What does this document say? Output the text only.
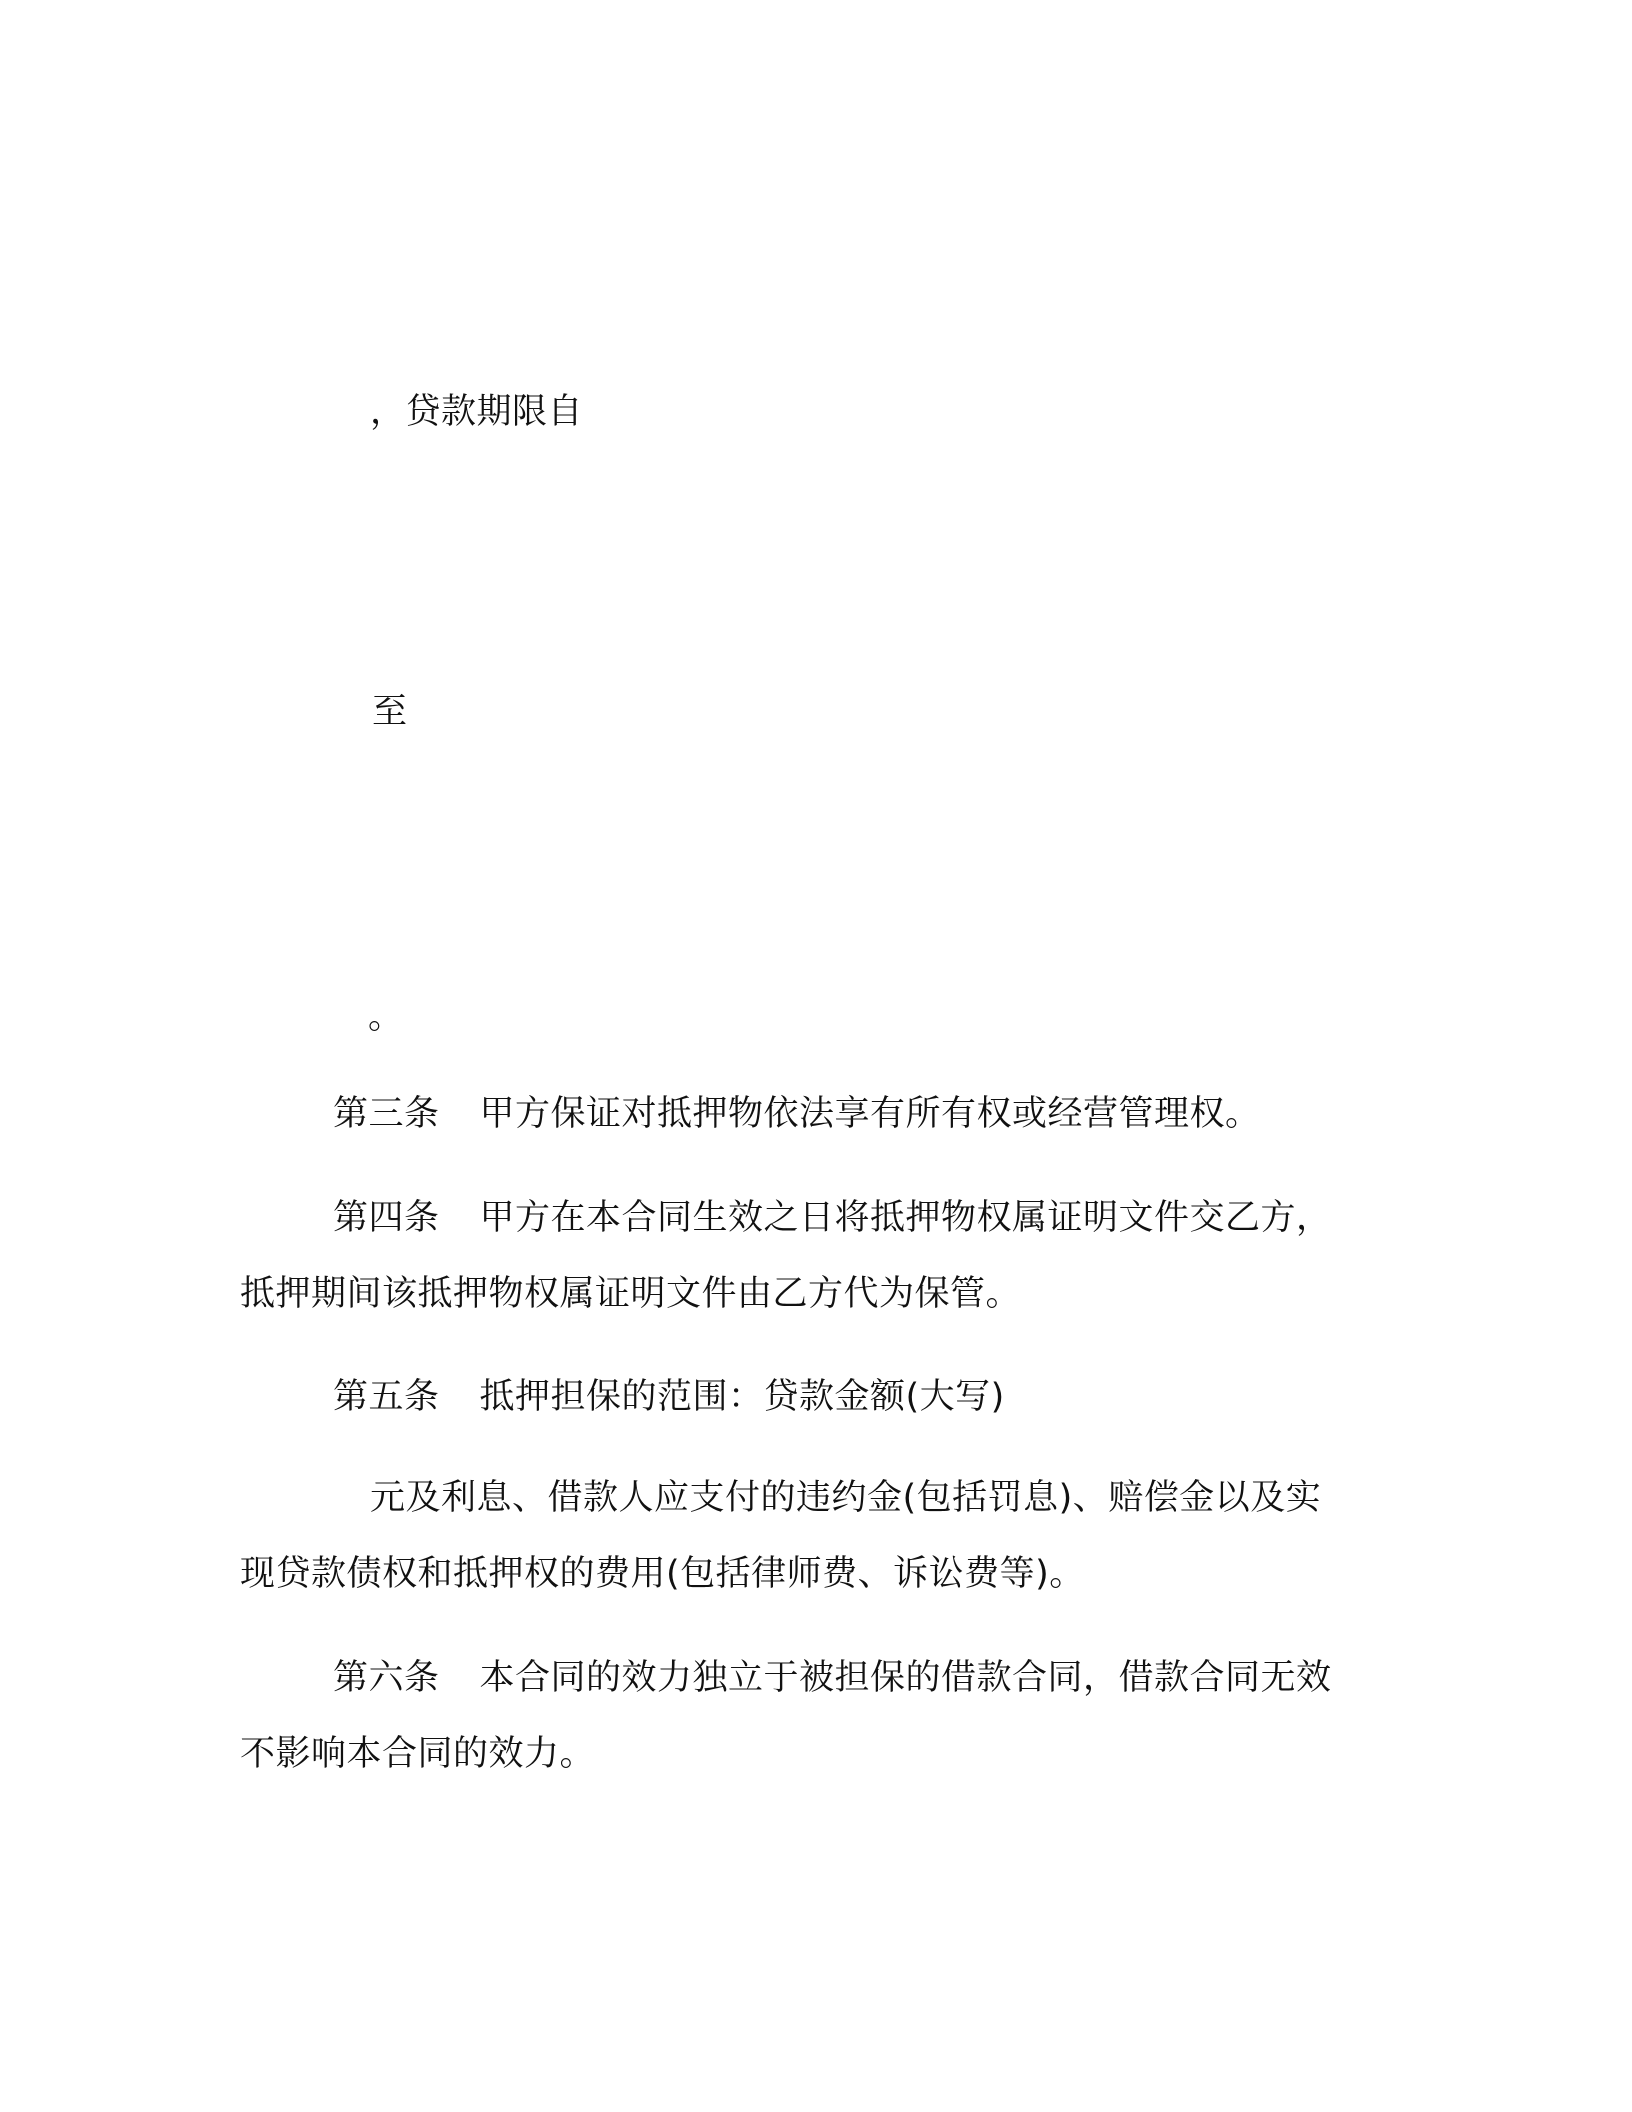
，贷款期限自
至
。
第三条 甲方保证对抵押物依法享有所有权或经营管理权。
第四条 甲方在本合同生效之日将抵押物权属证明文件交乙方，
抵押期间该抵押物权属证明文件由乙方代为保管。
第五条 抵押担保的范围：贷款金额(大写)
元及利息、借款人应支付的违约金(包括罚息)、赔偿金以及实
现贷款债权和抵押权的费用(包括律师费、诉讼费等)。
第六条 本合同的效力独立于被担保的借款合同，借款合同无效
不影响本合同的效力。
